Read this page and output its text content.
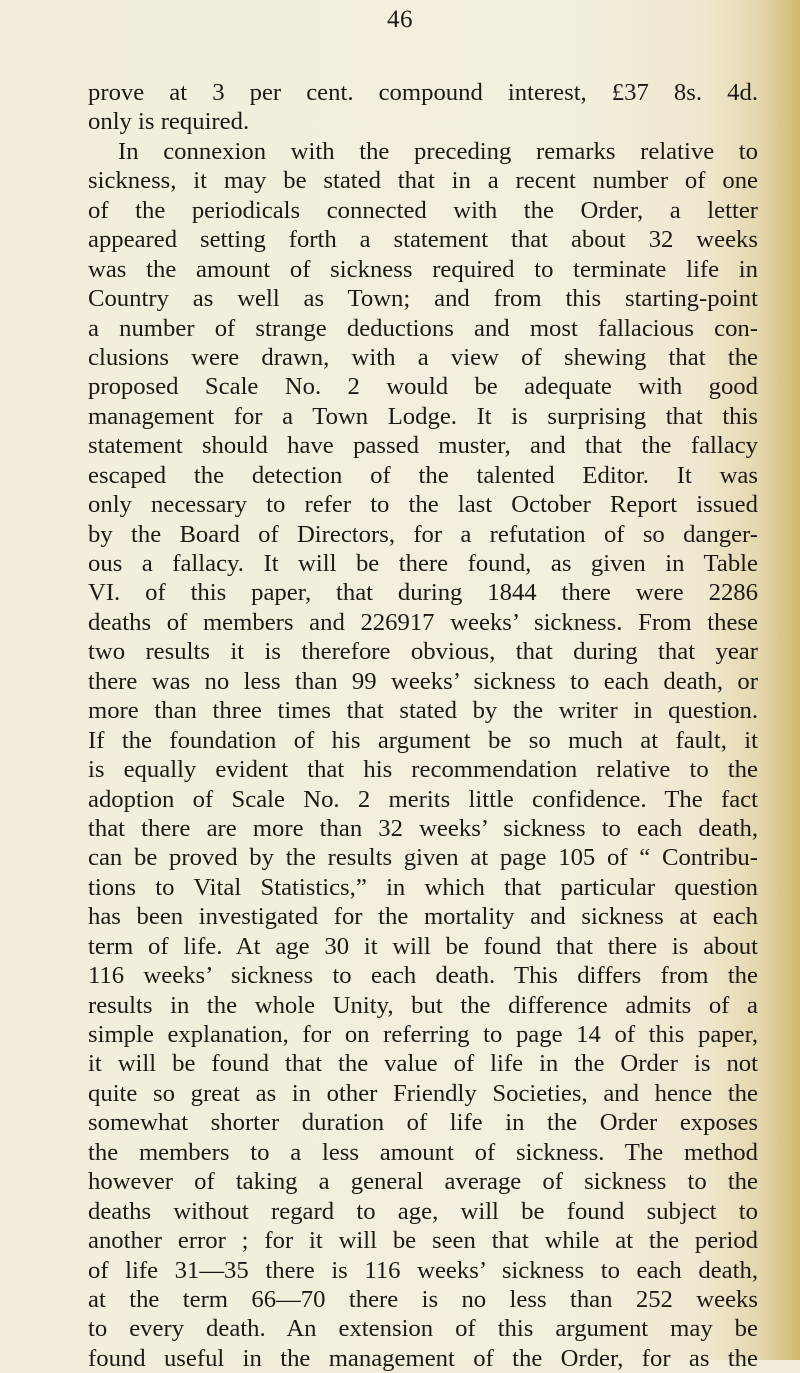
46
prove at 3 per cent. compound interest, £37 8s. 4d.
only is required.
In connexion with the preceding remarks relative to
sickness, it may be stated that in a recent number of one
of the periodicals connected with the Order, a letter
appeared setting forth a statement that about 32 weeks
was the amount of sickness required to terminate life in
Country as well as Town; and from this starting-point
a number of strange deductions and most fallacious con-
clusions were drawn, with a view of shewing that the
proposed Scale No. 2 would be adequate with good
management for a Town Lodge. It is surprising that this
statement should have passed muster, and that the fallacy
escaped the detection of the talented Editor. It was
only necessary to refer to the last October Report issued
by the Board of Directors, for a refutation of so danger-
ous a fallacy. It will be there found, as given in Table
VI. of this paper, that during 1844 there were 2286
deaths of members and 226917 weeks’ sickness. From these
two results it is therefore obvious, that during that year
there was no less than 99 weeks’ sickness to each death, or
more than three times that stated by the writer in question.
If the foundation of his argument be so much at fault, it
is equally evident that his recommendation relative to the
adoption of Scale No. 2 merits little confidence. The fact
that there are more than 32 weeks’ sickness to each death,
can be proved by the results given at page 105 of “ Contribu-
tions to Vital Statistics,” in which that particular question
has been investigated for the mortality and sickness at each
term of life. At age 30 it will be found that there is about
116 weeks’ sickness to each death. This differs from the
results in the whole Unity, but the difference admits of a
simple explanation, for on referring to page 14 of this paper,
it will be found that the value of life in the Order is not
quite so great as in other Friendly Societies, and hence the
somewhat shorter duration of life in the Order exposes
the members to a less amount of sickness. The method
however of taking a general average of sickness to the
deaths without regard to age, will be found subject to
another error ; for it will be seen that while at the period
of life 31—35 there is 116 weeks’ sickness to each death,
at the term 66—70 there is no less than 252 weeks
to every death. An extension of this argument may be
found useful in the management of the Order, for as the
